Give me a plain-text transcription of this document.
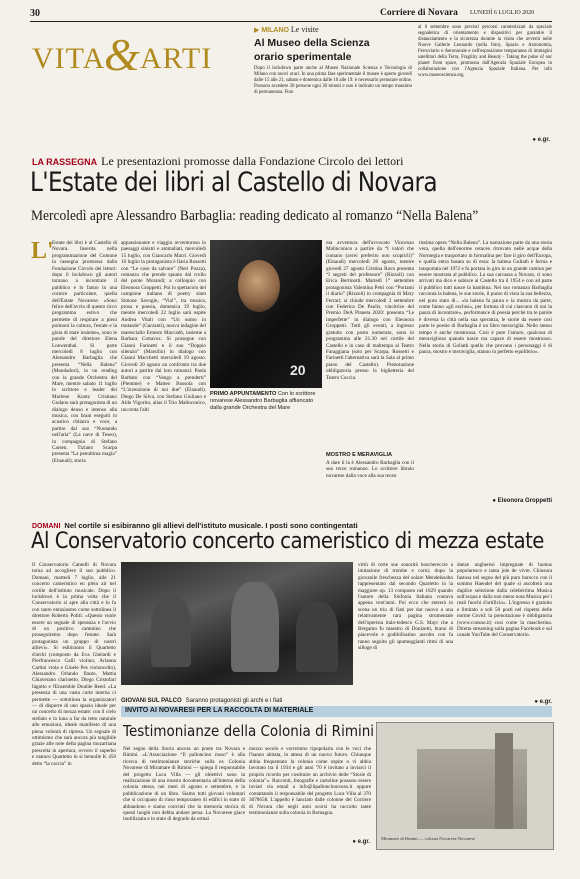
30	Corriere di Novara LUNEDÌ 6 LUGLIO 2020
VITA
& ARTI
▶ MILANO Le visite
Al Museo della Scienza
orario sperimentale
Dopo il lockdown parte anche al Museo Nazionale Scienza e Tecnologia di Milano con nuovi orari. In una prima fase sperimentale il museo è aperto giovedì dalle 15 alle 21, sabato e domenica dalle 10 alle 19: è necessario prenotare online. Possono accedere 30 persone ogni 30 minuti e non è indicato un tempo massimo di permanenza. Fino
al 6 settembre sono previsti percorsi caratterizzati da speciale segnaletica di orientamento e dispositivi per garantire il distanziamento e la sicurezza durante la visita che avverrà nelle Nuove Gallerie Leonardo (nella foto), Spazio e Astronomia, Ferroviario e Aeronavale e nell'esposizione temporanea di immagini satellitari della Terra, Fragility and Beauty - Taking the pulse of our planet from space, promossa dall'Agenzia Spaziale Europea in collaborazione con l'Agenzia Spaziale Italiana. Per info www.museoscienza.org.
● e.gr.
LA RASSEGNA Le presentazioni promosse dalla Fondazione Circolo dei lettori
L'Estate dei libri al Castello di Novara
Mercoledì apre Alessandro Barbaglia: reading dedicato al romanzo “Nella Balena”
L'
Estate dei libri è al Castello di Novara. Inserita nella programmazione del Comune la rassegna promossa dalla Fondazione Circolo dei lettori: dopo il lockdown gli autori tornano a incontrare il pubblico e lo fanno in una cornice particolare, quella dell'Estate Novarese. «Sono felice dell'avvio di questo ricco programma estivo che permette di respirare a pieni polmoni la cultura, l'estate e la gioia di stare insieme», sono le parole del direttore Elena Loewenthal. Si parte mercoledì 8 luglio con Alessandro Barbaglia che presenta “Nella Balena” (Mondadori), in un reading con la grande Orchestra del Mare, mentre sabato 11 luglio lo scrittore e leader dei Marlene Kuntz Cristiano Godano sarà protagonista di un dialogo denso e intenso alla musica, con brani eseguiti in acustico chitarra e voce, a partire dal suo “Nuotando nell'aria” (La nave di Teseo), in compagnia di Stefano Carsen. Tiziano Scarpa presenta “La penultima magia” (Einaudi), storia
appassionante e viaggio avventuroso in paesaggi sinistri e ammaliati, mercoledì 15 luglio, con Giancarlo Macrì. Giovedì 16 luglio la protagonista è Ilaria Rossetti con “Le cose da salvare” (Neri Pozza), romanzo che prende spunto dal crollo del ponte Morandi; a colloquio con Eleonora Groppetti. Poi lo spettacolo del campione italiano di poetry slam Simone Savogin, “Via!”, tra musica, prosa e poesia, domenica 19 luglio, mentre mercoledì 22 luglio sarà ospite Andrea Vitali con “Un uomo in mutande” (Garzanti), nuova indagine del maresciallo Ernesto Maccadò, insieme a Barbara Cottavoz. Si prosegue con Gianni Farinetti e il suo “Doppio silenzio” (Marsilio) in dialogo con Gianni Macchetti mercoledì 19 agosto. Giovedì 20 agosto un confronto tra due autori a partire dai loro romanzi: Paola Barbato con “Vengo a prenderti” (Piemme) e Matteo Bussola con “L'invenzione di noi due” (Einaudi). Diego De Silva, con Stefano Giuliano e Aldo Vigorito, alias il Trio Malinconico, racconta l'alti
20
PRIMO APPUNTAMENTO Con lo scrittore novarese Alessandro Barbaglia affiancato dalla grande Orchestra del Mare
ma avventura dell'avvocato Vincenzo Malinconico a partire da “I valori che contano (avrei preferito non scoprirli)” (Einaudi) mercoledì 26 agosto, mentre giovedì 27 agosto Cristina Rava presenta “I segreti del professore” (Rizzoli) con Erica Bertinotti. Martedì 1° settembre protagonista Valentina Petri con “Portami il diario” (Rizzoli) in compagnia di Mary Ferrari; si chiude mercoledì 2 settembre con Federica De Paolis, vincitrice del Premio DeA Planeta 2020: presenta “Le imperfette” in dialogo con Eleonora Groppetti. Tutti gli eventi, a ingresso gratuito con posto numerato, sono in programma alle 21.30 nel cortile del Castello e in caso di maltempo al Teatro Faraggiana (solo per Scarpa, Rossetti e Farinetti l'alternativa sarà la Sala al primo piano del Castello). Prenotazione obbligatoria presso la biglietteria del Teatro Coccia.
MOSTRO E MERAVIGLIA
A dare il la è Alessandro Barbaglia con il suo terzo romanzo. Lo scrittore libraio novarese dalla voce alla sua recen
tissima opera “Nella Balena”. La narrazione parte da una storia vera, quella dell'enorme cetaceo ritrovato nelle acque della Normegia e trasportato in formalina per fare il giro dell'Europa, e quella entra basata su di essa: la balena Goliath è ferma e trasportata nel 1972 e fu portata in giro in un grande camion per essere mostrata al pubblico. La sua carcassa a Novara, ci sono arrivati ma dico e subisce ai Castello tra il 1954 e con ad parte il pubblico tutti nasce la bambina. Nel suo romanzo Barbaglia racconta la balena, le sue storie, il punto di vista la sua bellezza, nel puro stato di... «la balena fa paura e la mostra da parte, come fanno «gli esclusi», per fortuna di cui ciascuno di noi la paura di incontrare», performance di poesia perché tra le parole è diversa la città nella sua speranza, le storie da essere così parte le poesie di Barbaglia è un libro meraviglia. Nello stesso tempo è anche mostruosa. Così è pure l'amore, qualcosa di meraviglioso quando nasce ma capace di essere mostruoso. Nella storia di Goliath quello che provano i personaggi è di paura, mostro e meraviglia, stanno in perfetto equilibrio».
● Eleonora Groppetti
DOMANI Nel cortile si esibiranno gli allievi dell'istituto musicale. I posti sono contingentati
Al Conservatorio concerto cameristico di mezza estate
Il Conservatorio Cantelli di Novara torna ad accogliere il suo pubblico. Domani, martedì 7 luglio, alle 21 concerto cameristico en plein air nel cortile dell'istituto musicale. Dopo il lockdown è la prima volta che il Conservatorio si apre alla città e lo fa con tanto entusiasmo come sottolinea il direttore Roberto Politi: «Questo vuole essere un segnale di speranza e l'avvio di un positivo cammino che proseguiremo dopo l'estate. Sarà protagonista un gruppo di nostri allievi». Si esibiranno il Quartetto d'archi (composto da Eva Ghelardi e Pierfrancesco Galli violino, Arianna Cartini viola e Gioele Pes violoncello), Alessandro Orlando flauto, Mattia Chiaverano clarinetto, Diego Cristofari fagotto e l'Ensemble Double Reed. «La presenza di una vasta corte interna ci permette — sottolinea la organizzatori — di disporre di uno spazio ideale per un concerto di mezza estate: con il cielo stellato e la luna a far da tetto naturale alle emozioni, ideale manifesto di una piena volontà di ripresa. Un segnale di ottimismo che sarà ancora più tangibile grazie alle note della pagina mozartiana prescelta in apertura, ovvero il superbo e maturo Quartetto in si bemolle K 458 detto “la caccia” in
GIOVANI SUL PALCO Saranno protagonisti gli archi e i fiati
virtù di certe sue sonorità boschereccie a imitazione di trombe e corni; dopo la giovanile freschezza del solare Mendelssohn rappresentato dal secondo Quartetto in la maggiore op. 13 composto nel 1829 quando l'autore della Sinfonia Italiana contava appena vent'anni. Poi ecco che entrerà in scena un trio di fiati per dar nuovo a una relativamente rara pagina strumentale dell'operista italo-tedesco G.S. Mayr che a Bergamo fu maestro di Donizetti, brano di piacevole e godibilissimo ascolto con fa ranno seguito gli spumeggianti ritmi di una silloge di
danze ungheresi impregnate di humus popolaresco e tanta joie de vivre. Chiusura fastosa nel segno del più puro barocco con il sommo Haendel del quale si ascolterà una duplice selezione dalla celebérrima Musica sull'acqua e dalla non meno nota Musica per i reali fuochi d'artificio». L'ingresso è gratuito e limitato a soli 50 posti nel rispetto delle norme Covid: la prenotazione è obbligatoria (www.consno.it) così come la mascherina. Diretta streaming sulla pagina Facebook e sul canale YouTube del Conservatorio.
● e.gr.
INVITO AI NOVARESI PER LA RACCOLTA DI MATERIALE
Testimonianze della Colonia di Rimini
Nel segno della Storia ancora un ponte tra Novara e Rimini. «L'Associazione “Il palloncino rosso” è alla ricerca di testimonianze storiche sulla ex Colonia Novarese di Miramare di Rimini — spiega il responsabile del progetto Luca Villa — gli obiettivi sono la realizzazione di una mostra documentaria all'interno della colonia stessa, nei mesi di agosto e settembre, e la pubblicazione di un libro. Siamo tutti giovani volontari che si occupano di riuso temporaneo di edifici in stato di abbandono e siamo convinti che la memoria storica di questi luoghi non debba andare persa. La Novarese giace inutilizzata e in stato di degrado da ormai
mezzo secolo e vorremmo ripopolarla con le voci che l'hanno abitata, in attesa di un nuovo futuro. Chiunque abbia frequentato la colonia come ospite o vi abbia lavorato tra il 1934 e gli anni '70 è invitato a inviarci il proprio ricordo per costituire un archivio delle “Storie di colonia”». Racconti, fotografie e cartoline possono essere inviati via email a info@ilpalloncinorosso.it oppure contattando il responsabile del progetto Luca Villa al 370 3078658. L'appello è lanciato dalle colonne del Corriere di Novara che negli anni scorsi ha raccolto tante testimonianze sulla colonia in Romagna.
● e.gr.
Miramare di Rimini — colonia Novarese Novarese
